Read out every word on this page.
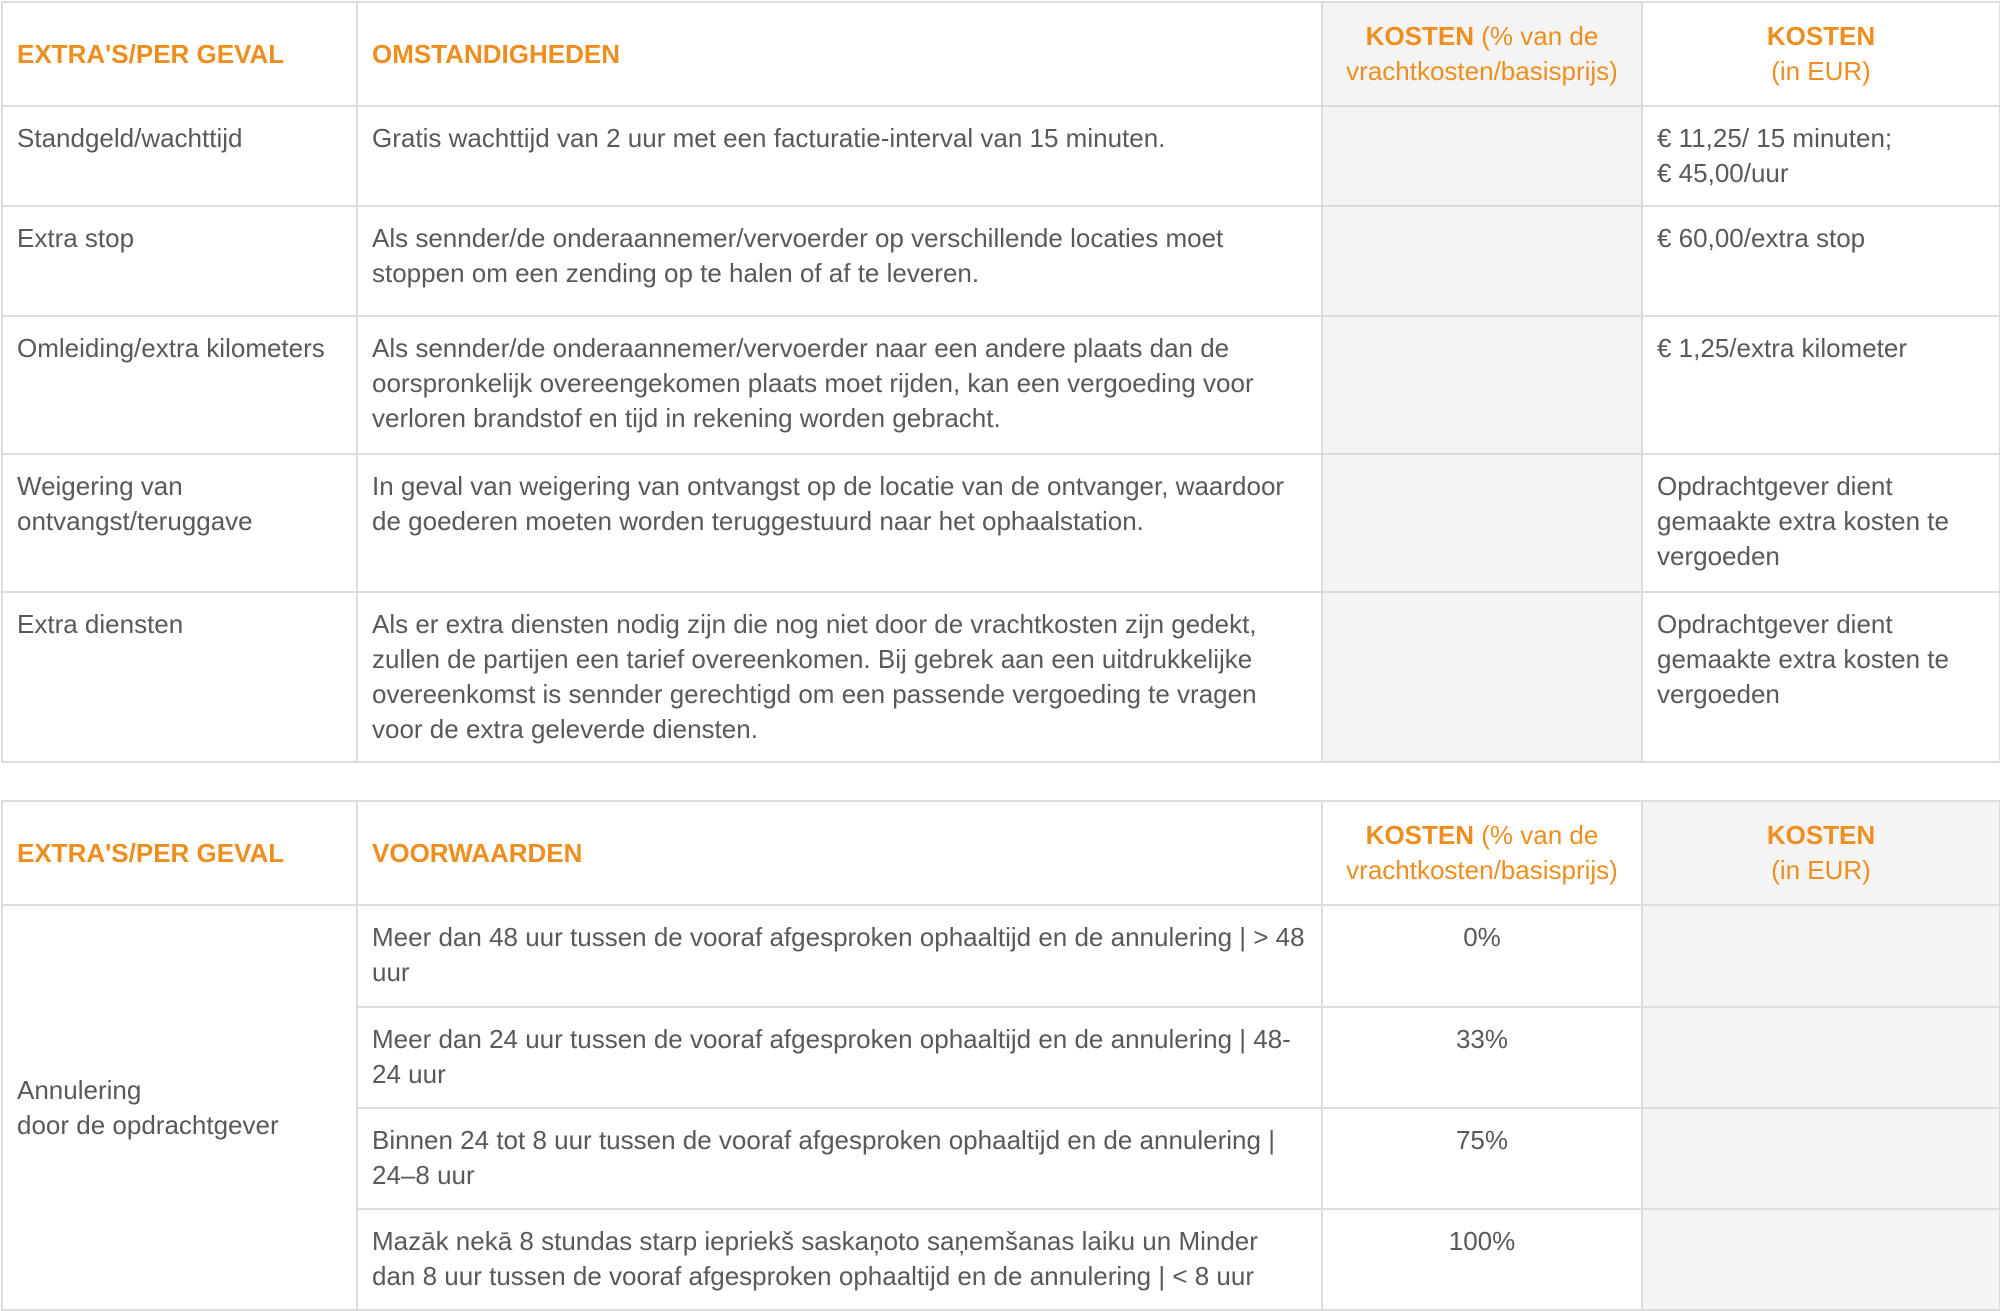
EXTRA'S/PER GEVAL	OMSTANDIGHEDEN	KOSTEN (% van de
vrachtkosten/basisprijs)	KOSTEN
(in EUR)
Standgeld/wachttijd	Gratis wachttijd van 2 uur met een facturatie-interval van 15 minuten.		€ 11,25/ 15 minuten;
€ 45,00/uur
Extra stop	Als sennder/de onderaannemer/vervoerder op verschillende locaties moet stoppen om een zending op te halen of af te leveren.		€ 60,00/extra stop
Omleiding/extra kilometers	Als sennder/de onderaannemer/vervoerder naar een andere plaats dan de oorspronkelijk overeengekomen plaats moet rijden, kan een vergoeding voor verloren brandstof en tijd in rekening worden gebracht.		€ 1,25/extra kilometer
Weigering van
ontvangst/teruggave	In geval van weigering van ontvangst op de locatie van de ontvanger, waardoor de goederen moeten worden teruggestuurd naar het ophaalstation.		Opdrachtgever dient gemaakte extra kosten te vergoeden
Extra diensten	Als er extra diensten nodig zijn die nog niet door de vrachtkosten zijn gedekt, zullen de partijen een tarief overeenkomen. Bij gebrek aan een uitdrukkelijke overeenkomst is sennder gerechtigd om een passende vergoeding te vragen voor de extra geleverde diensten.		Opdrachtgever dient gemaakte extra kosten te vergoeden
EXTRA'S/PER GEVAL	VOORWAARDEN	KOSTEN (% van de
vrachtkosten/basisprijs)	KOSTEN
(in EUR)
Annulering
door de opdrachtgever	Meer dan 48 uur tussen de vooraf afgesproken ophaaltijd en de annulering | > 48 uur	0%	
	Meer dan 24 uur tussen de vooraf afgesproken ophaaltijd en de annulering | 48-24 uur	33%	
	Binnen 24 tot 8 uur tussen de vooraf afgesproken ophaaltijd en de annulering | 24–8 uur	75%	
	Mazāk nekā 8 stundas starp iepriekš saskaņoto saņemšanas laiku un Minder dan 8 uur tussen de vooraf afgesproken ophaaltijd en de annulering | < 8 uur	100%	
